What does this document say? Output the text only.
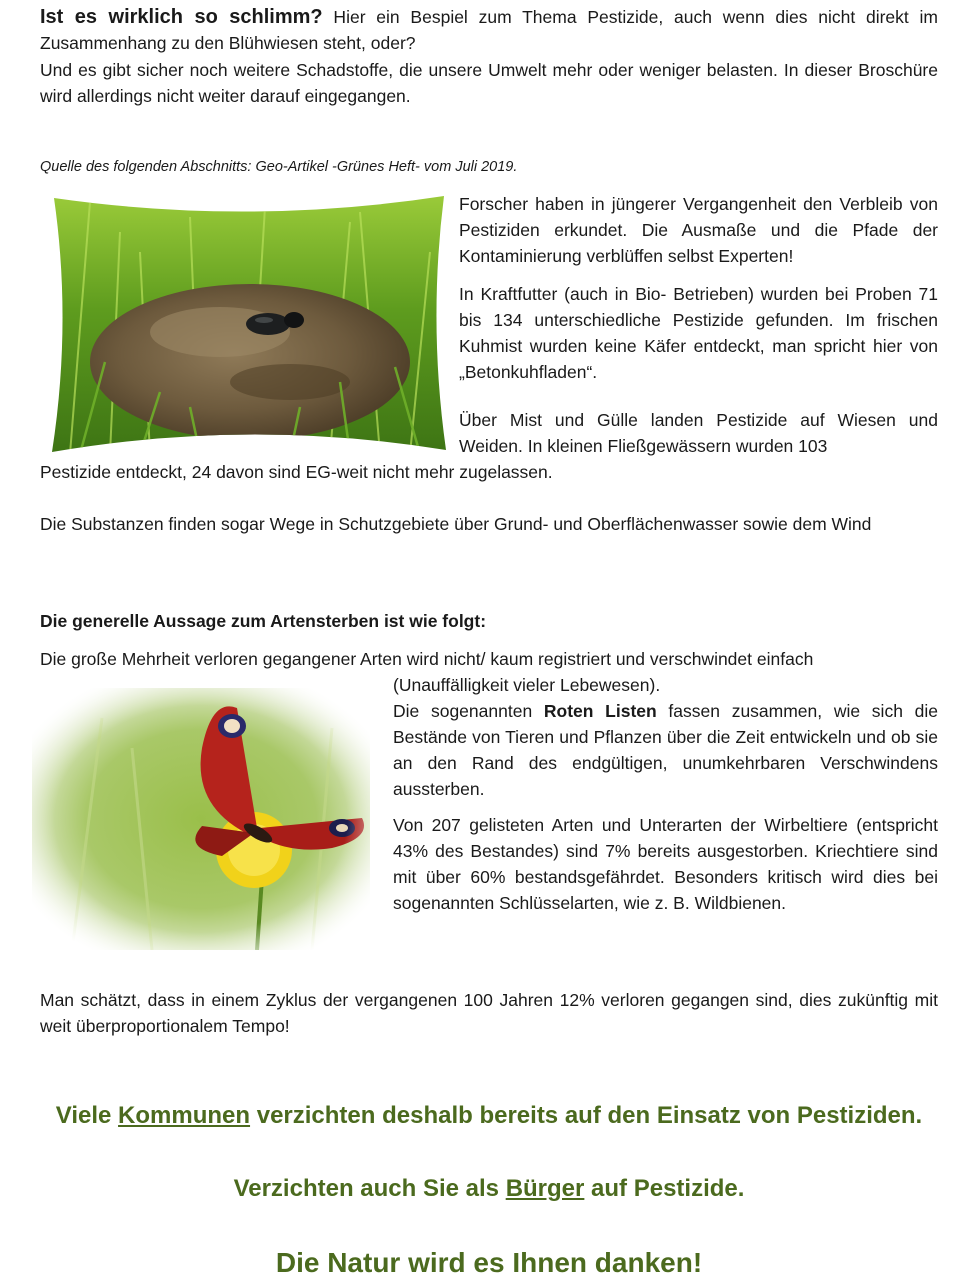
Ist es wirklich so schlimm? Hier ein Bespiel zum Thema Pestizide, auch wenn dies nicht direkt im Zusammenhang zu den Blühwiesen steht, oder?

Und es gibt sicher noch weitere Schadstoffe, die unsere Umwelt mehr oder weniger belasten. In dieser Broschüre wird allerdings nicht weiter darauf eingegangen.

Quelle des folgenden Abschnitts: Geo-Artikel -Grünes Heft- vom Juli 2019.

Forscher haben in jüngerer Vergangenheit den Verbleib von Pestiziden erkundet. Die Ausmaße und die Pfade der Kontaminierung verblüffen selbst Experten!

In Kraftfutter (auch in Bio- Betrieben) wurden bei Proben 71 bis 134 unterschiedliche Pestizide gefunden. Im frischen Kuhmist wurden keine Käfer entdeckt, man spricht hier von „Betonkuhfladen“.

Über Mist und Gülle landen Pestizide auf Wiesen und Weiden. In kleinen Fließgewässern wurden 103

Pestizide entdeckt, 24 davon sind EG-weit nicht mehr zugelassen.

Die Substanzen finden sogar Wege in Schutzgebiete über Grund- und Oberflächenwasser sowie dem Wind

Die generelle Aussage zum Artensterben ist wie folgt:

Die große Mehrheit verloren gegangener Arten wird nicht/ kaum registriert und verschwindet einfach

(Unauffälligkeit vieler Lebewesen).

Die sogenannten Roten Listen fassen zusammen, wie sich die Bestände von Tieren und Pflanzen über die Zeit entwickeln und ob sie an den Rand des endgültigen, unumkehrbaren Verschwindens aussterben.

Von 207 gelisteten Arten und Unterarten der Wirbeltiere (entspricht 43% des Bestandes) sind 7% bereits ausgestorben. Kriechtiere sind mit über 60% bestandsgefährdet. Besonders kritisch wird dies bei sogenannten Schlüsselarten, wie z. B. Wildbienen.

Man schätzt, dass in einem Zyklus der vergangenen 100 Jahren 12% verloren gegangen sind, dies zukünftig mit weit überproportionalem Tempo!

Viele Kommunen verzichten deshalb bereits auf den Einsatz von Pestiziden.

Verzichten auch Sie als Bürger auf Pestizide.

Die Natur wird es Ihnen danken!
